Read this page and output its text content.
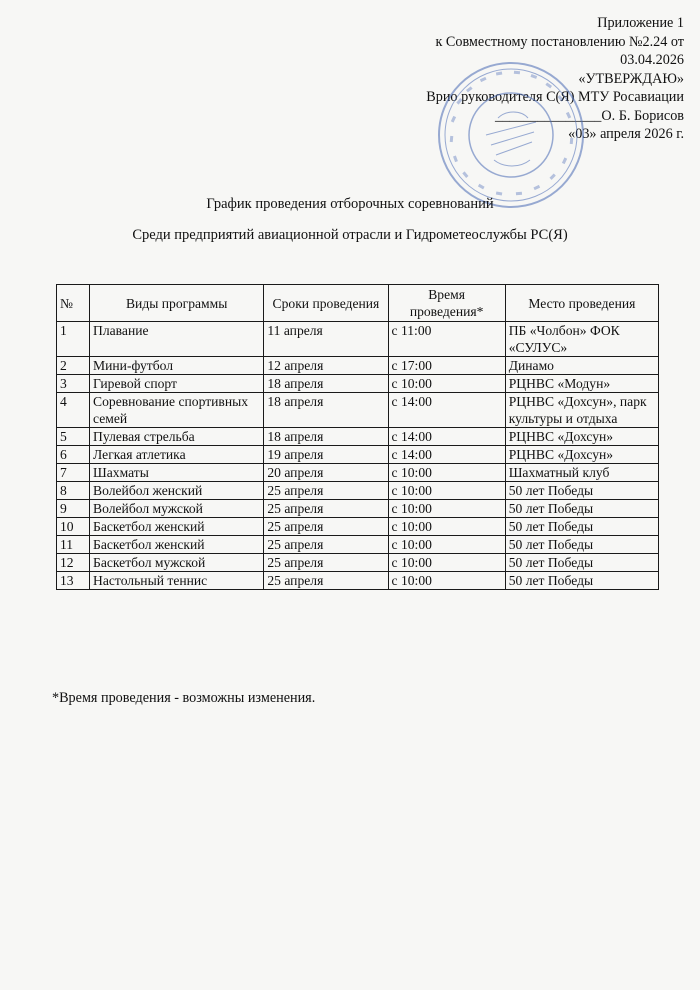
Приложение 1
к Совместному постановлению №2.24 от
03.04.2026
«УТВЕРЖДАЮ»
Врио руководителя С(Я) МТУ Росавиации
_______________О. Б. Борисов
«03» апреля 2026 г.
График проведения отборочных соревнований
Среди предприятий авиационной отрасли и Гидрометеослужбы РС(Я)
№	Виды программы	Сроки проведения	Время проведения*	Место проведения
1	Плавание	11 апреля	с 11:00	ПБ «Чолбон» ФОК «СУЛУС»
2	Мини-футбол	12 апреля	с 17:00	Динамо
3	Гиревой спорт	18 апреля	с 10:00	РЦНВС «Модун»
4	Соревнование спортивных семей	18 апреля	с 14:00	РЦНВС «Дохсун», парк культуры и отдыха
5	Пулевая стрельба	18 апреля	с 14:00	РЦНВС «Дохсун»
6	Легкая атлетика	19 апреля	с 14:00	РЦНВС «Дохсун»
7	Шахматы	20 апреля	с 10:00	Шахматный клуб
8	Волейбол женский	25 апреля	с 10:00	50 лет Победы
9	Волейбол мужской	25 апреля	с 10:00	50 лет Победы
10	Баскетбол женский	25 апреля	с 10:00	50 лет Победы
11	Баскетбол женский	25 апреля	с 10:00	50 лет Победы
12	Баскетбол мужской	25 апреля	с 10:00	50 лет Победы
13	Настольный теннис	25 апреля	с 10:00	50 лет Победы
*Время проведения - возможны изменения.
